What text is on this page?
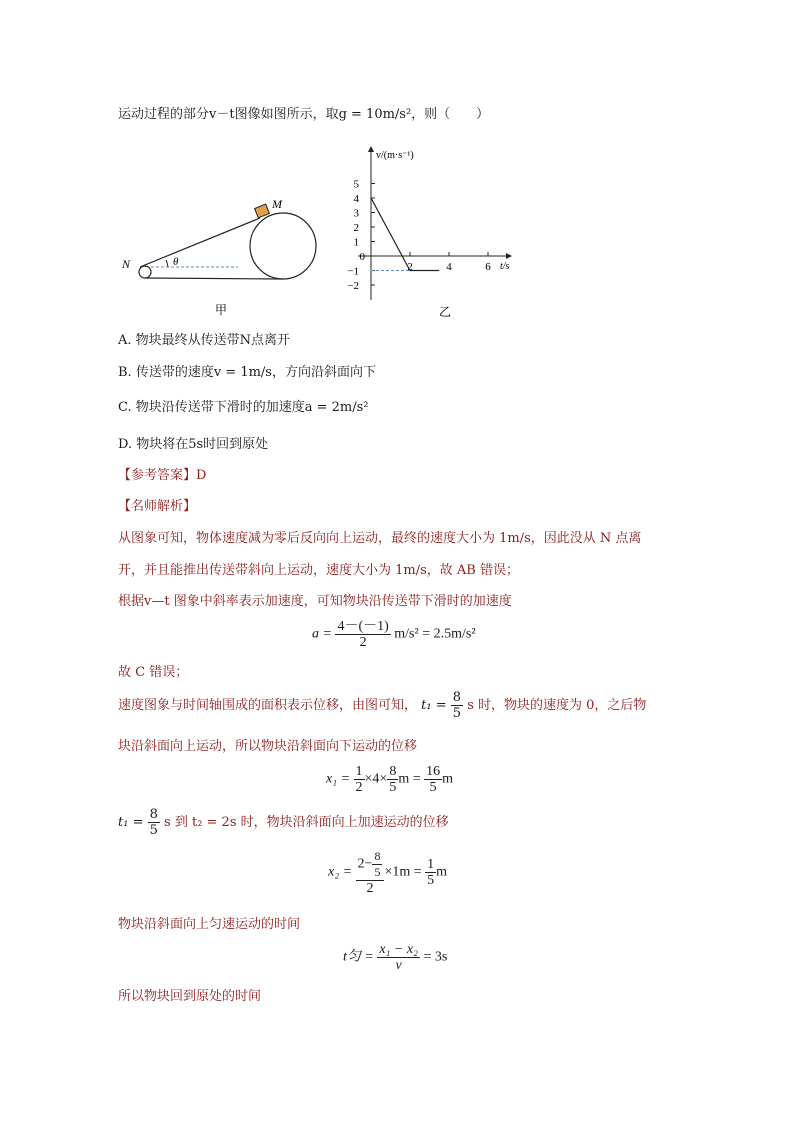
运动过程的部分v－t图像如图所示，取g = 10m/s²，则（　　）
N
M
θ
甲
v/(m·s⁻¹)
t/s
5
4
3
2
1
0
−1
−2
2	4	6
乙
A. 物块最终从传送带N点离开
B. 传送带的速度v = 1m/s，方向沿斜面向下
C. 物块沿传送带下滑时的加速度a = 2m/s²
D. 物块将在5s时回到原处
【参考答案】D
【名师解析】
从图象可知，物体速度减为零后反向向上运动，最终的速度大小为 1m/s，因此没从 N 点离
开，并且能推出传送带斜向上运动，速度大小为 1m/s，故 AB 错误；
根据v—t 图象中斜率表示加速度，可知物块沿传送带下滑时的加速度
$a = \frac{4-(-1)}{2} m/s^2 = 2.5m/s^2$
故 C 错误；
速度图象与时间轴围成的面积表示位移，由图可知， $t_1 = \frac{8}{5}$ s 时，物块的速度为 0，之后物
块沿斜面向上运动，所以物块沿斜面向下运动的位移
$x_1 = \frac{1}{2} \times 4\times \frac{8}{5}$ $m = \frac{16}{5}$ m
$t_1 = \frac{8}{5}$ s 到 t₂ = 2s 时，物块沿斜面向上加速运动的位移
$x_2 = \frac{2- \frac{8}{5}}{2} \times 1m = \frac{1}{5}$ m
物块沿斜面向上匀速运动的时间
t匀 = $\frac{\text{x₁ − x₂}}{v} = 3s$
所以物块回到原处的时间
